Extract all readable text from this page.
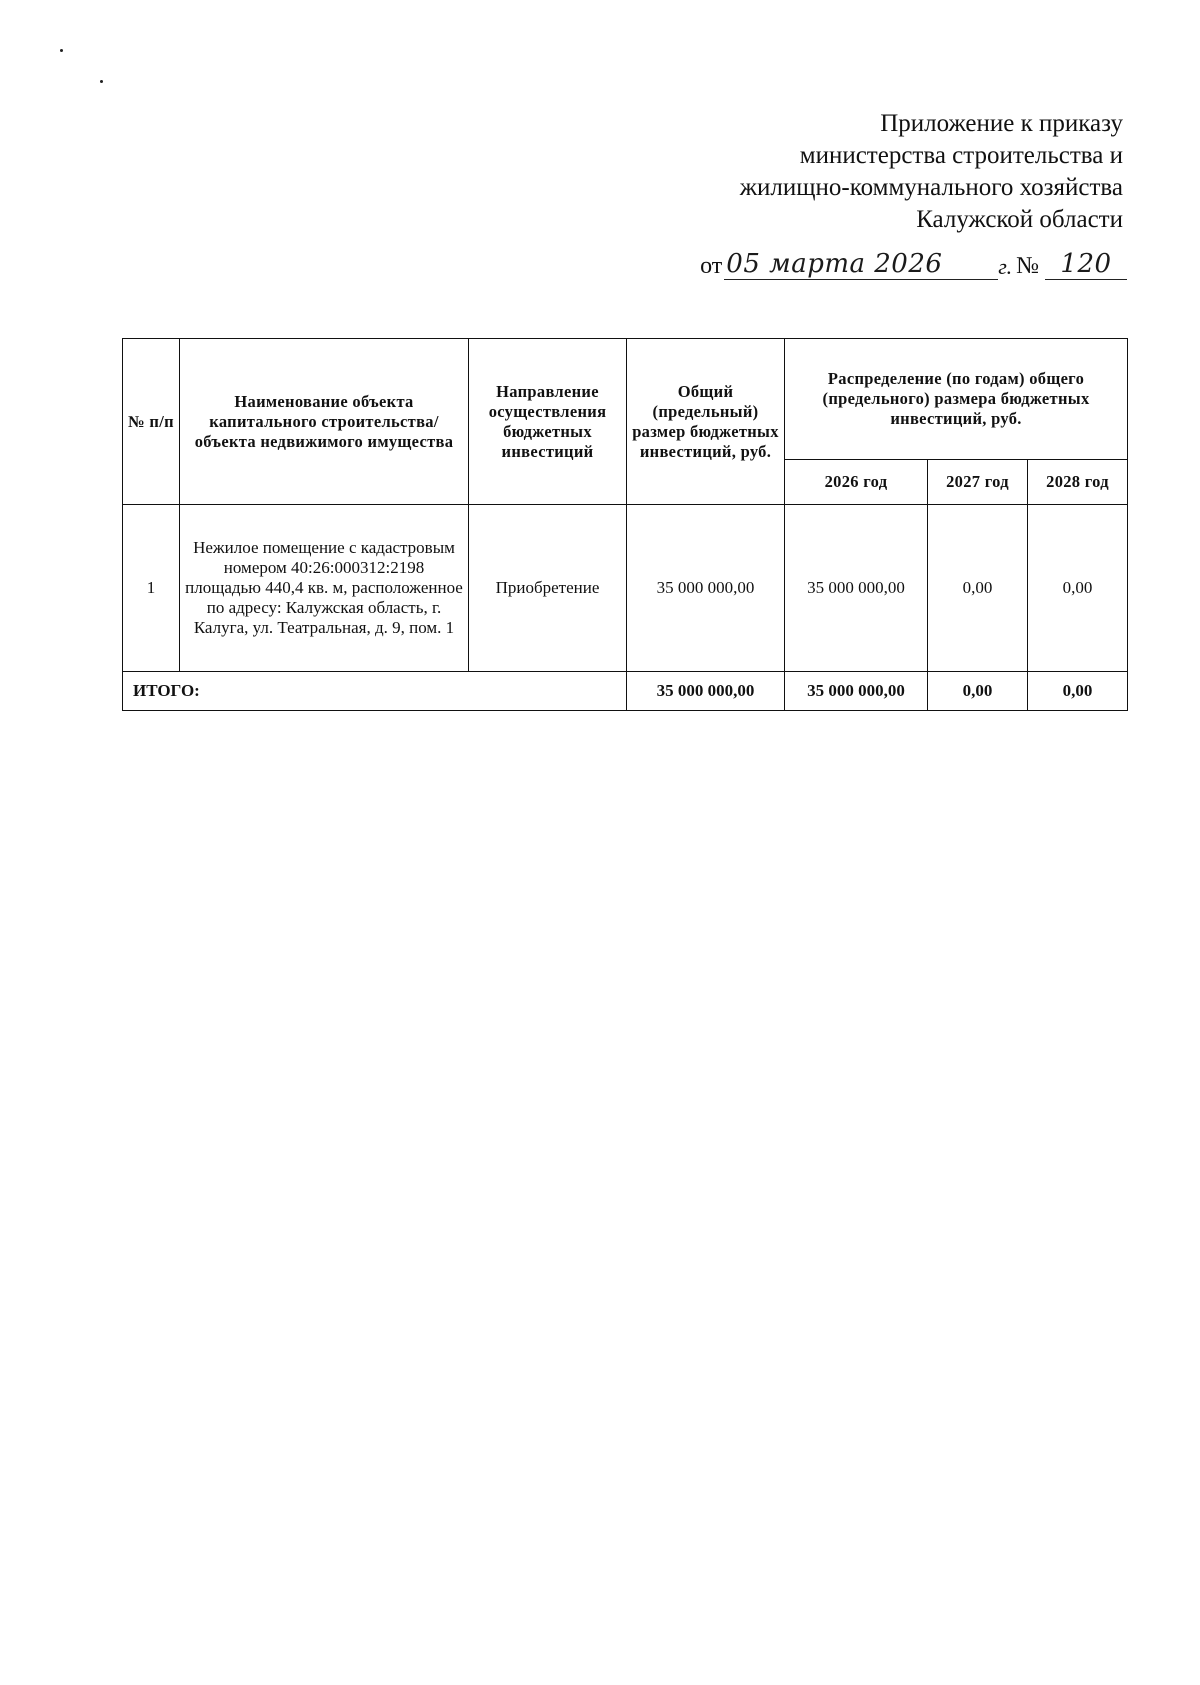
Приложение к приказу
министерства строительства и
жилищно-коммунального хозяйства
Калужской области
от 05 марта 2026	г. № 120
№ п/п	Наименование объекта капитального строительства/объекта недвижимого имущества	Направление осуществления бюджетных инвестиций	Общий (предельный) размер бюджетных инвестиций, руб.	Распределение (по годам) общего (предельного) размера бюджетных инвестиций, руб.		
				2026 год	2027 год	2028 год
1	Нежилое помещение с кадастровым номером 40:26:000312:2198 площадью 440,4 кв. м, расположенное по адресу: Калужская область, г. Калуга, ул. Театральная, д. 9, пом. 1	Приобретение	35 000 000,00	35 000 000,00	0,00	0,00
ИТОГО:			35 000 000,00	35 000 000,00	0,00	0,00
